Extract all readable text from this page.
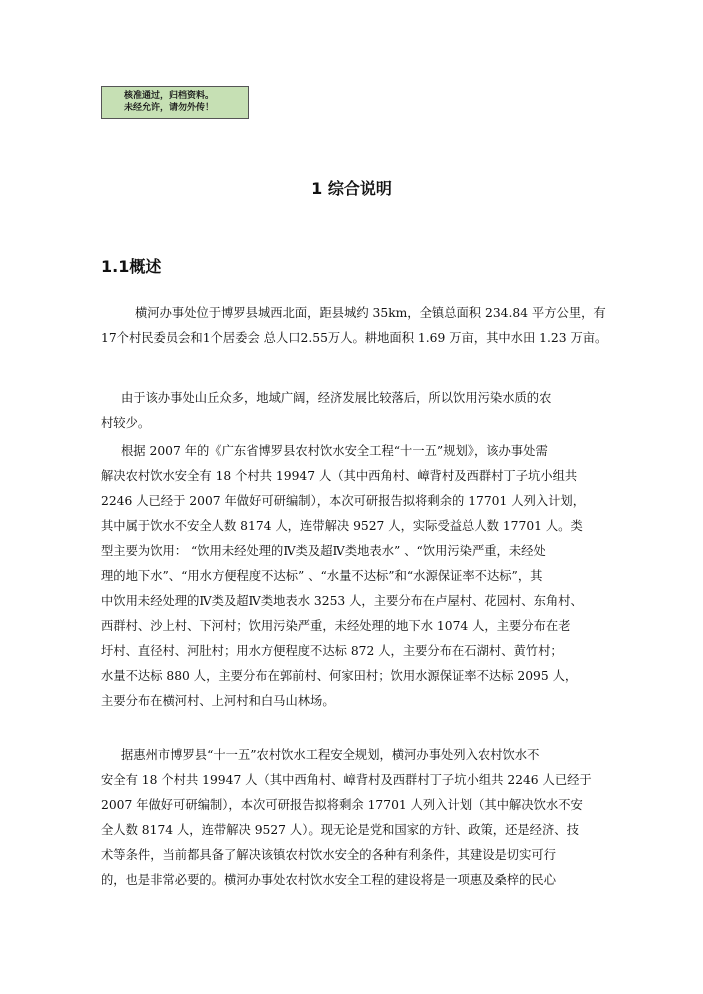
核准通过，归档资料。
未经允许，请勿外传！
1 综合说明
1.1概述
横河办事处位于博罗县城西北面，距县城约 35km，全镇总面积 234.84 平方公里，有
17个村民委员会和1个居委会 总人口2.55万人。耕地面积 1.69 万亩，其中水田 1.23 万亩。
由于该办事处山丘众多，地域广阔，经济发展比较落后，所以饮用污染水质的农
村较少。
根据 2007 年的《广东省博罗县农村饮水安全工程“十一五”规划》，该办事处需
解决农村饮水安全有 18 个村共 19947 人（其中西角村、嶂背村及西群村丁子坑小组共
2246 人已经于 2007 年做好可研编制），本次可研报告拟将剩余的 17701 人列入计划，
其中属于饮水不安全人数 8174 人，连带解决 9527 人，实际受益总人数 17701 人。类
型主要为饮用： “饮用未经处理的Ⅳ类及超Ⅳ类地表水” 、“饮用污染严重，未经处
理的地下水”、“用水方便程度不达标” 、“水量不达标”和“水源保证率不达标”，其
中饮用未经处理的Ⅳ类及超Ⅳ类地表水 3253 人，主要分布在卢屋村、花园村、东角村、
西群村、沙上村、下河村；饮用污染严重，未经处理的地下水 1074 人，主要分布在老
圩村、直径村、河肚村；用水方便程度不达标 872 人，主要分布在石湖村、黄竹村；
水量不达标 880 人，主要分布在郭前村、何家田村；饮用水源保证率不达标 2095 人，
主要分布在横河村、上河村和白马山林场。
据惠州市博罗县“十一五”农村饮水工程安全规划，横河办事处列入农村饮水不
安全有 18 个村共 19947 人（其中西角村、嶂背村及西群村丁子坑小组共 2246 人已经于
2007 年做好可研编制），本次可研报告拟将剩余 17701 人列入计划（其中解决饮水不安
全人数 8174 人，连带解决 9527 人）。现无论是党和国家的方针、政策，还是经济、技
术等条件，当前都具备了解决该镇农村饮水安全的各种有利条件，其建设是切实可行
的，也是非常必要的。横河办事处农村饮水安全工程的建设将是一项惠及桑梓的民心
